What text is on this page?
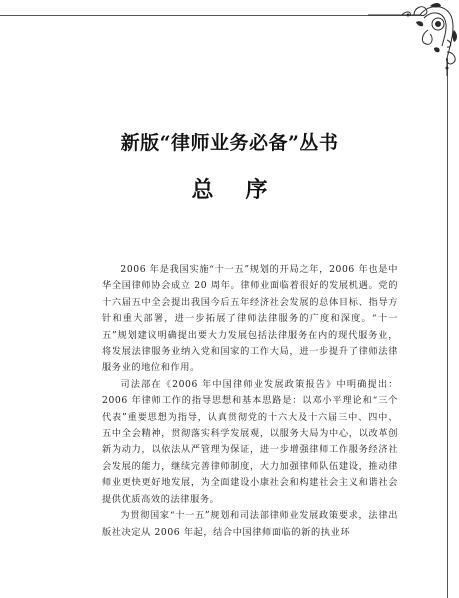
新版“律师业务必备”丛书
总序

2006 年是我国实施“十一五”规划的开局之年，2006 年也是中华全国律师协会成立 20 周年。律师业面临着很好的发展机遇。党的十六届五中全会提出我国今后五年经济社会发展的总体目标、指导方针和重大部署，进一步拓展了律师法律服务的广度和深度。“十一五”规划建议明确提出要大力发展包括法律服务在内的现代服务业，将发展法律服务业纳入党和国家的工作大局，进一步提升了律师法律服务业的地位和作用。

司法部在《2006 年中国律师业发展政策报告》中明确提出：2006 年律师工作的指导思想和基本思路是：以邓小平理论和“三个代表”重要思想为指导，认真贯彻党的十六大及十六届三中、四中、五中全会精神，贯彻落实科学发展观，以服务大局为中心，以改革创新为动力，以依法从严管理为保证，进一步增强律师工作服务经济社会发展的能力，继续完善律师制度，大力加强律师队伍建设，推动律师业更快更好地发展，为全面建设小康社会和构建社会主义和谐社会提供优质高效的法律服务。

为贯彻国家“十一五”规划和司法部律师业发展政策要求，法律出版社决定从 2006 年起，结合中国律师面临的新的执业环
